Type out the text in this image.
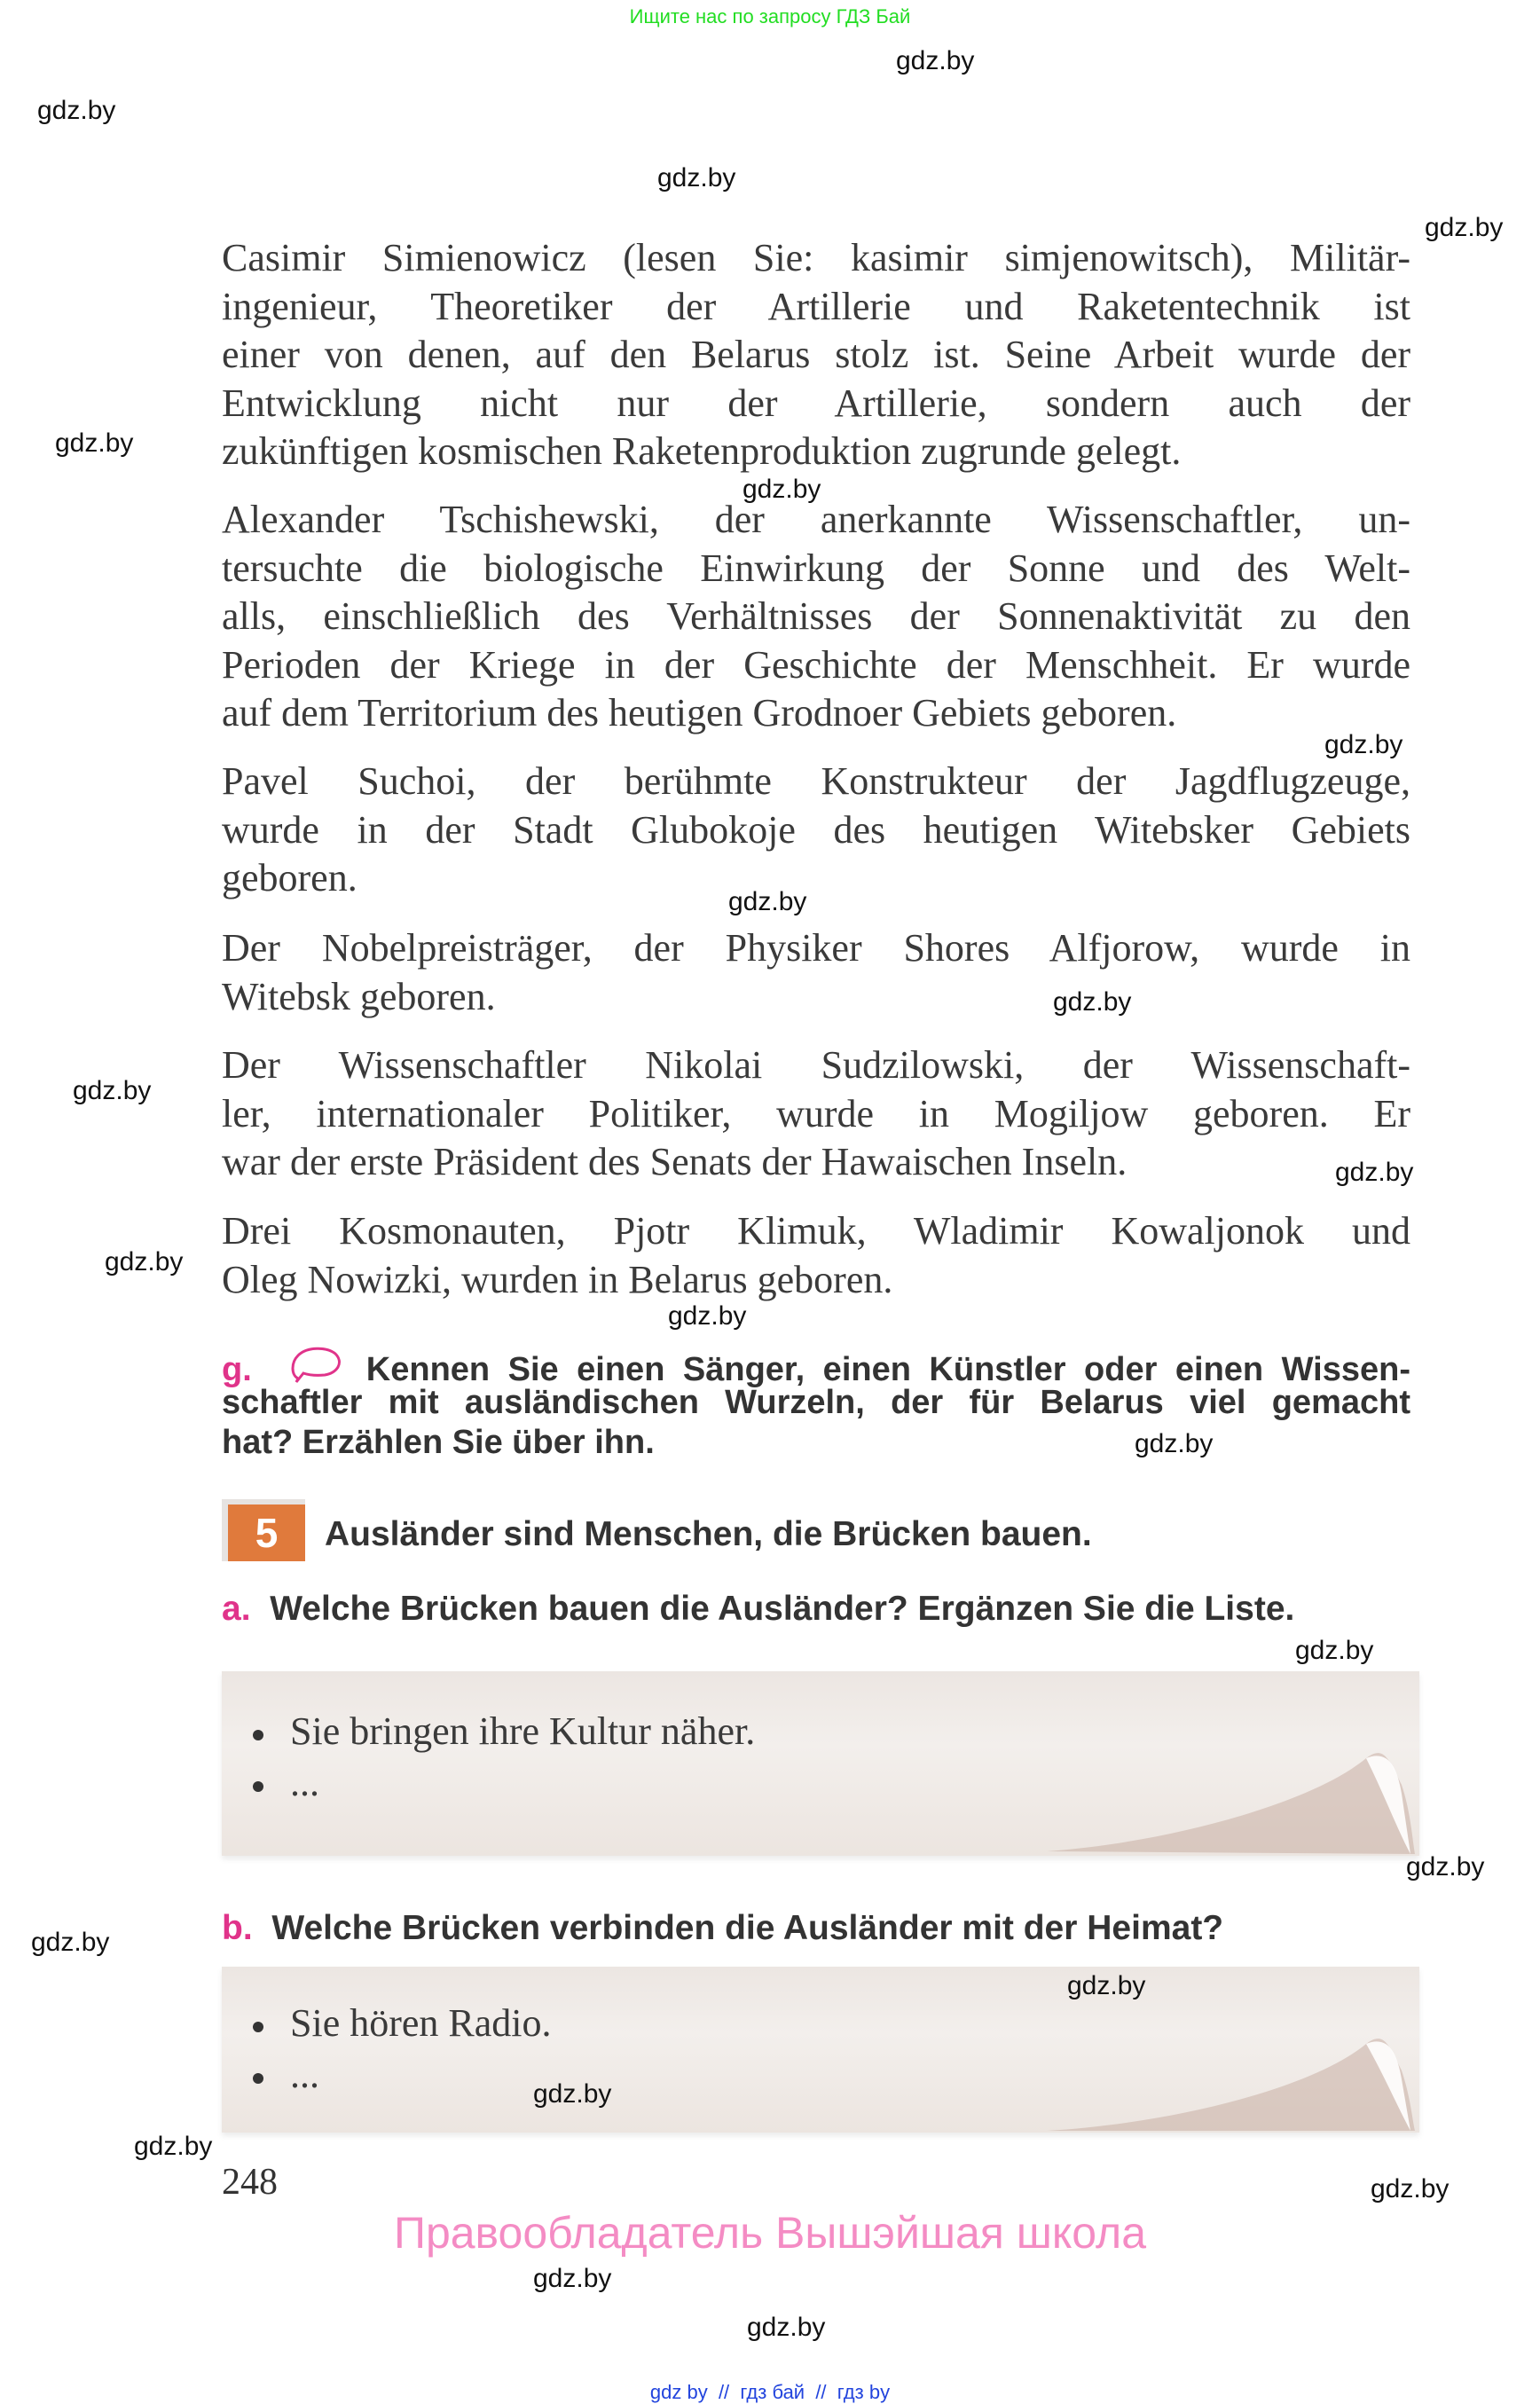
Ищите нас по запросу ГДЗ Бай
gdz.by
gdz.by
gdz.by
gdz.by
gdz.by
gdz.by
gdz.by
gdz.by
gdz.by
gdz.by
gdz.by
gdz.by
gdz.by
gdz.by
gdz.by
gdz.by
gdz.by
gdz.by
gdz.by
gdz.by
gdz.by
gdz.by
gdz.by
Casimir Simienowicz (lesen Sie: kasimir simjenowitsch), Militär-
ingenieur, Theoretiker der Artillerie und Raketentechnik ist
einer von denen, auf den Belarus stolz ist. Seine Arbeit wurde der
Entwicklung nicht nur der Artillerie, sondern auch der
zukünftigen kosmischen Raketenproduktion zugrunde gelegt.
Alexander Tschishewski, der anerkannte Wissenschaftler, un-
tersuchte die biologische Einwirkung der Sonne und des Welt-
alls, einschließlich des Verhältnisses der Sonnenaktivität zu den
Perioden der Kriege in der Geschichte der Menschheit. Er wurde
auf dem Territorium des heutigen Grodnoer Gebiets geboren.
Pavel Suchoi, der berühmte Konstrukteur der Jagdflugzeuge,
wurde in der Stadt Glubokoje des heutigen Witebsker Gebiets
geboren.
Der Nobelpreisträger, der Physiker Shores Alfjorow, wurde in
Witebsk geboren.
Der Wissenschaftler Nikolai Sudzilowski, der Wissenschaft-
ler, internationaler Politiker, wurde in Mogiljow geboren. Er
war der erste Präsident des Senats der Hawaischen Inseln.
Drei Kosmonauten, Pjotr Klimuk, Wladimir Kowaljonok und
Oleg Nowizki, wurden in Belarus geboren.
g.	Kennen Sie einen Sänger, einen Künstler oder einen Wissen-
schaftler mit ausländischen Wurzeln, der für Belarus viel gemacht
hat? Erzählen Sie über ihn.
5	Ausländer sind Menschen, die Brücken bauen.
a. Welche Brücken bauen die Ausländer? Ergänzen Sie die Liste.
Sie bringen ihre Kultur näher.
...
b. Welche Brücken verbinden die Ausländer mit der Heimat?
Sie hören Radio.
...
248
Правообладатель Вышэйшая школа
gdz by  //  гдз бай  //  гдз by
